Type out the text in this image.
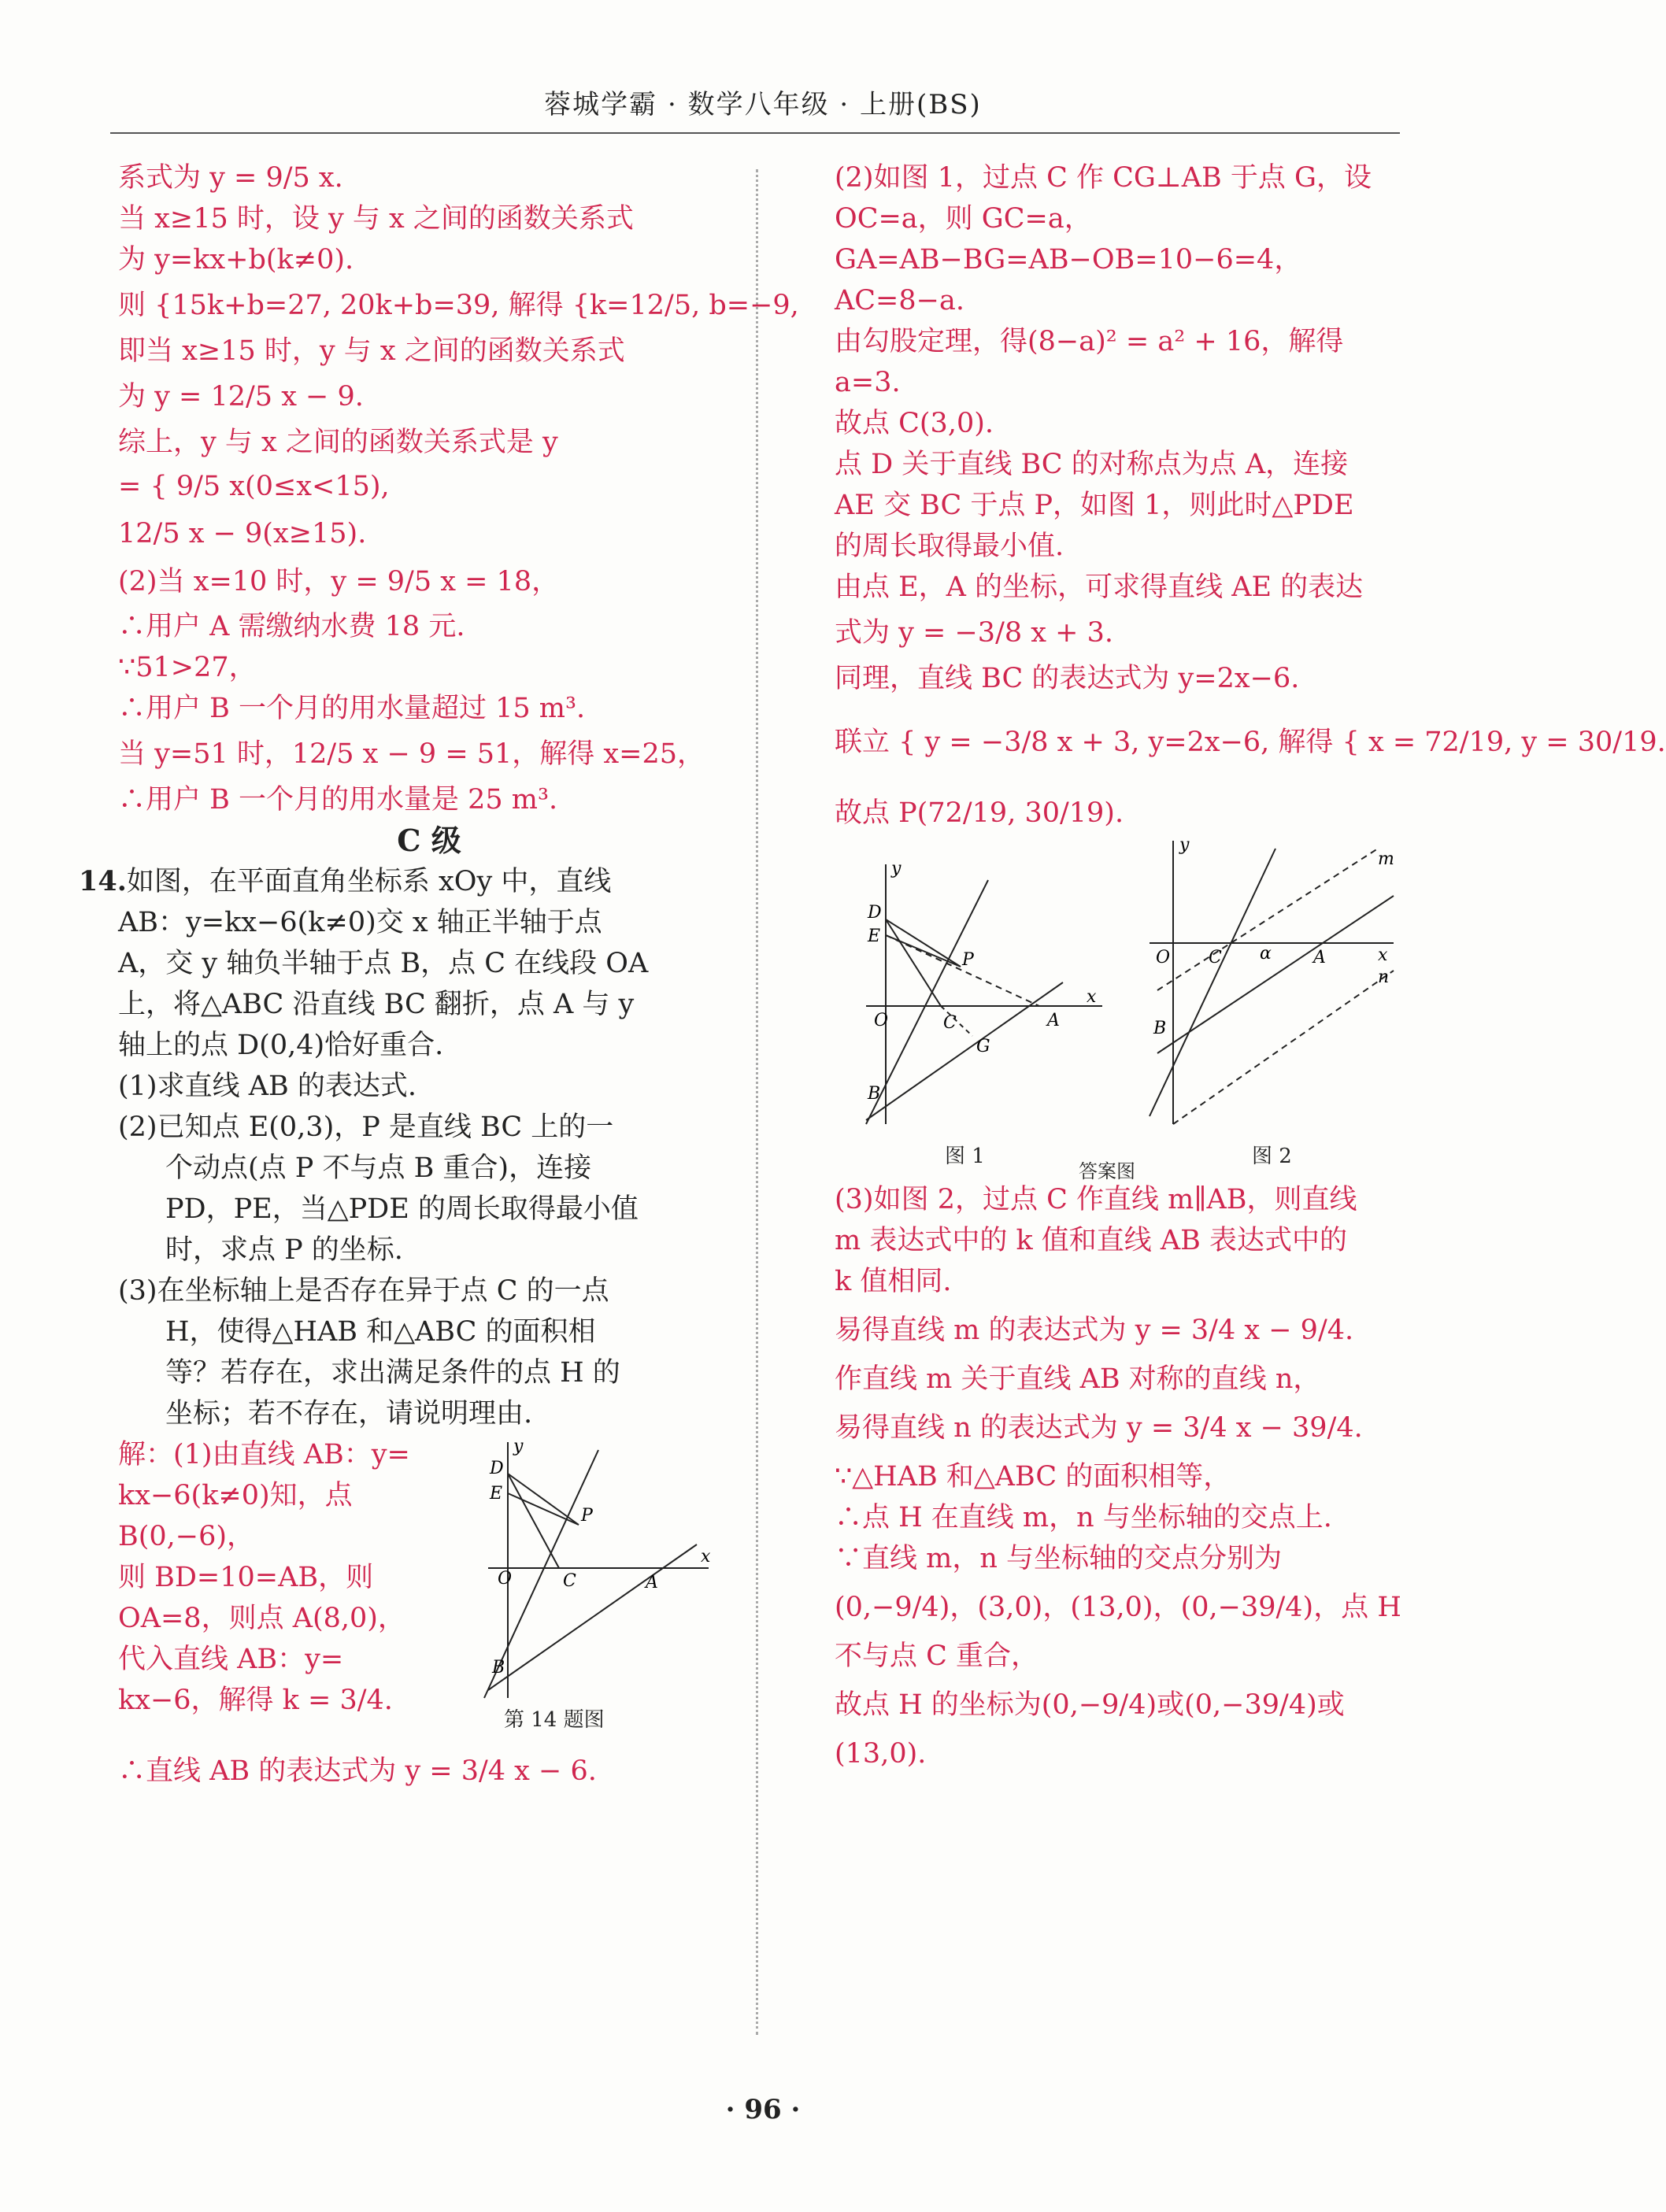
蓉城学霸 · 数学八年级 · 上册(BS)

系式为 y = 9/5 x.

当 x≥15 时，设 y 与 x 之间的函数关系式

为 y=kx+b(k≠0).

则 {15k+b=27, 20k+b=39, 解得 {k=12/5, b=−9,

即当 x≥15 时，y 与 x 之间的函数关系式

为 y = 12/5 x − 9.

综上，y 与 x 之间的函数关系式是 y

= { 9/5 x(0≤x<15),

12/5 x − 9(x≥15).

(2)当 x=10 时，y = 9/5 x = 18，

∴用户 A 需缴纳水费 18 元.

∵51>27，

∴用户 B 一个月的用水量超过 15 m³.

当 y=51 时，12/5 x − 9 = 51，解得 x=25，

∴用户 B 一个月的用水量是 25 m³.

C 级

14.如图，在平面直角坐标系 xOy 中，直线

AB：y=kx−6(k≠0)交 x 轴正半轴于点

A，交 y 轴负半轴于点 B，点 C 在线段 OA

上，将△ABC 沿直线 BC 翻折，点 A 与 y

轴上的点 D(0,4)恰好重合.

(1)求直线 AB 的表达式.

(2)已知点 E(0,3)，P 是直线 BC 上的一

个动点(点 P 不与点 B 重合)，连接

PD，PE，当△PDE 的周长取得最小值

时，求点 P 的坐标.

(3)在坐标轴上是否存在异于点 C 的一点

H，使得△HAB 和△ABC 的面积相

等？若存在，求出满足条件的点 H 的

坐标；若不存在，请说明理由.

解：(1)由直线 AB：y=

kx−6(k≠0)知，点

B(0,−6)，

则 BD=10=AB，则

OA=8，则点 A(8,0)，

代入直线 AB：y=

kx−6，解得 k = 3/4.

O
x
y
D
E
P
C	A
B
第 14 题图

∴直线 AB 的表达式为 y = 3/4 x − 6.

(2)如图 1，过点 C 作 CG⊥AB 于点 G，设

OC=a，则 GC=a，

GA=AB−BG=AB−OB=10−6=4，

AC=8−a.

由勾股定理，得(8−a)² = a² + 16，解得

a=3.

故点 C(3,0).

点 D 关于直线 BC 的对称点为点 A，连接

AE 交 BC 于点 P，如图 1，则此时△PDE

的周长取得最小值.

由点 E，A 的坐标，可求得直线 AE 的表达

式为 y = −3/8 x + 3.

同理，直线 BC 的表达式为 y=2x−6.

联立 { y = −3/8 x + 3, y=2x−6, 解得 { x = 72/19, y = 30/19.

故点 P(72/19, 30/19).

O
x
y
D
E
P
C
G
A
B
O	x
y
m
n
C α A
B
图 1
答案图
图 2

(3)如图 2，过点 C 作直线 m∥AB，则直线

m 表达式中的 k 值和直线 AB 表达式中的

k 值相同.

易得直线 m 的表达式为 y = 3/4 x − 9/4.

作直线 m 关于直线 AB 对称的直线 n，

易得直线 n 的表达式为 y = 3/4 x − 39/4.

∵△HAB 和△ABC 的面积相等，

∴点 H 在直线 m，n 与坐标轴的交点上.

∵直线 m，n 与坐标轴的交点分别为

(0,−9/4)，(3,0)，(13,0)，(0,−39/4)，点 H

不与点 C 重合，

故点 H 的坐标为(0,−9/4)或(0,−39/4)或

(13,0).

· 96 ·
